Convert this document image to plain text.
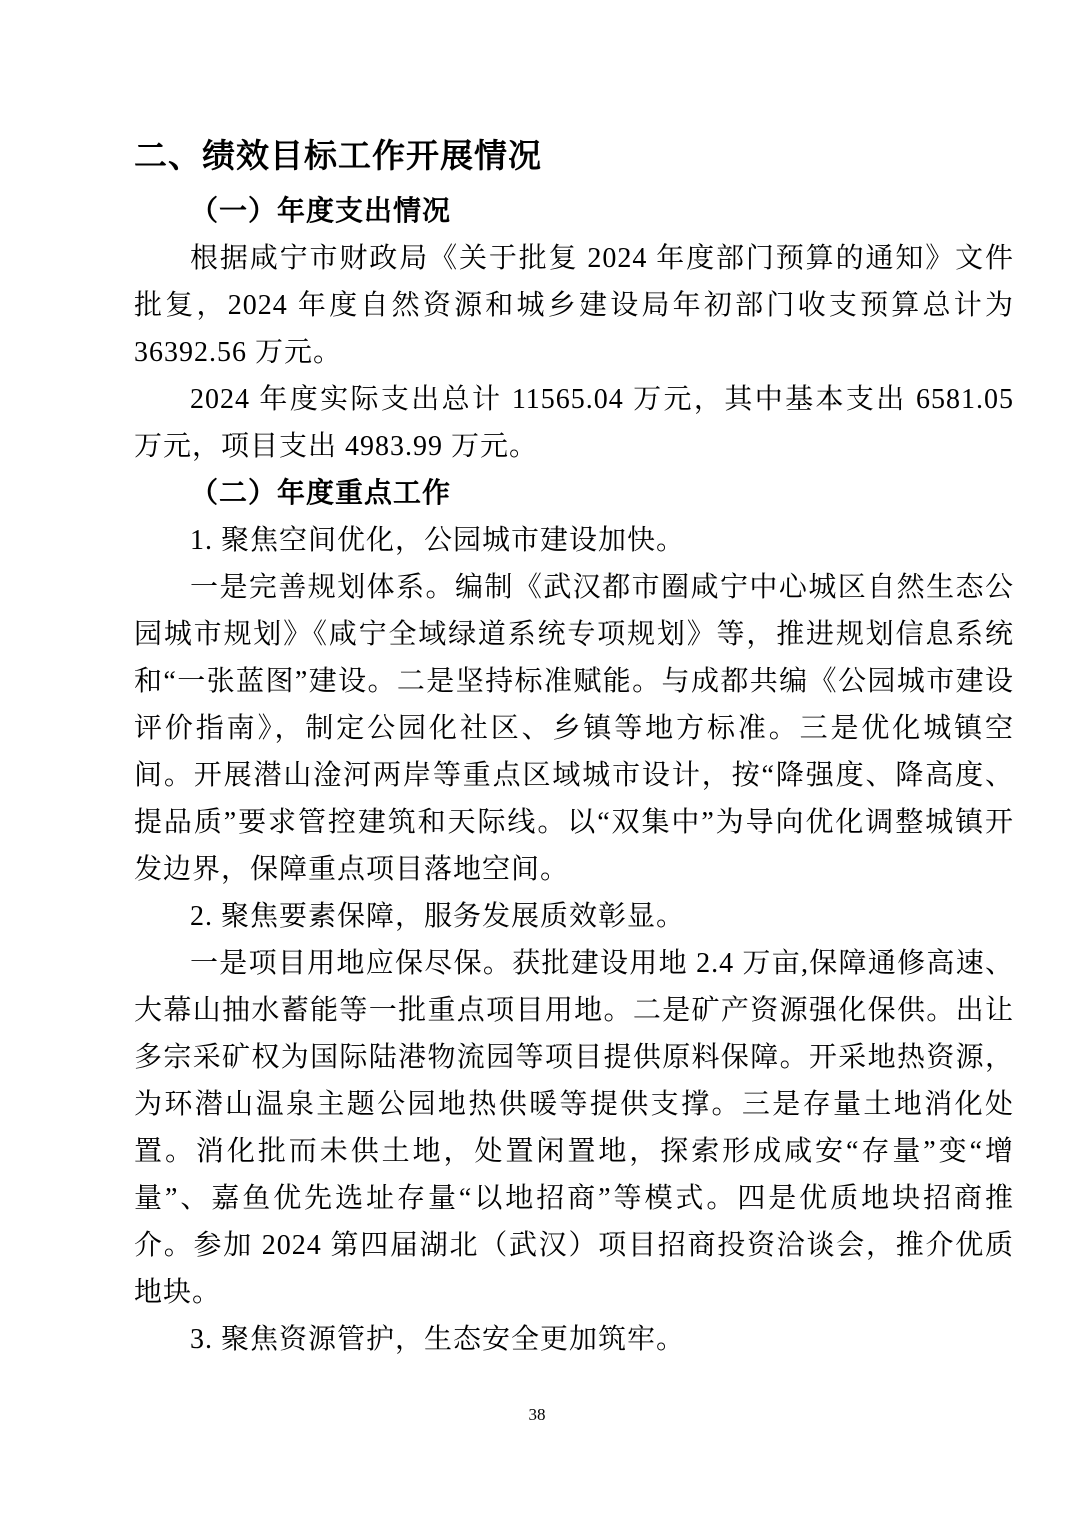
二、绩效目标工作开展情况
（一）年度支出情况

根据咸宁市财政局《关于批复 2024 年度部门预算的通知》文件批复，2024 年度自然资源和城乡建设局年初部门收支预算总计为 36392.56 万元。

2024 年度实际支出总计 11565.04 万元，其中基本支出 6581.05 万元，项目支出 4983.99 万元。

（二）年度重点工作

1. 聚焦空间优化，公园城市建设加快。

一是完善规划体系。编制《武汉都市圈咸宁中心城区自然生态公园城市规划》《咸宁全域绿道系统专项规划》等，推进规划信息系统和“一张蓝图”建设。二是坚持标准赋能。与成都共编《公园城市建设评价指南》，制定公园化社区、乡镇等地方标准。三是优化城镇空间。开展潜山淦河两岸等重点区域城市设计，按“降强度、降高度、提品质”要求管控建筑和天际线。以“双集中”为导向优化调整城镇开发边界，保障重点项目落地空间。

2. 聚焦要素保障，服务发展质效彰显。

一是项目用地应保尽保。获批建设用地 2.4 万亩,保障通修高速、大幕山抽水蓄能等一批重点项目用地。二是矿产资源强化保供。出让多宗采矿权为国际陆港物流园等项目提供原料保障。开采地热资源，为环潜山温泉主题公园地热供暖等提供支撑。三是存量土地消化处置。消化批而未供土地，处置闲置地，探索形成咸安“存量”变“增量”、嘉鱼优先选址存量“以地招商”等模式。四是优质地块招商推介。参加 2024 第四届湖北（武汉）项目招商投资洽谈会，推介优质地块。

3. 聚焦资源管护，生态安全更加筑牢。

38
